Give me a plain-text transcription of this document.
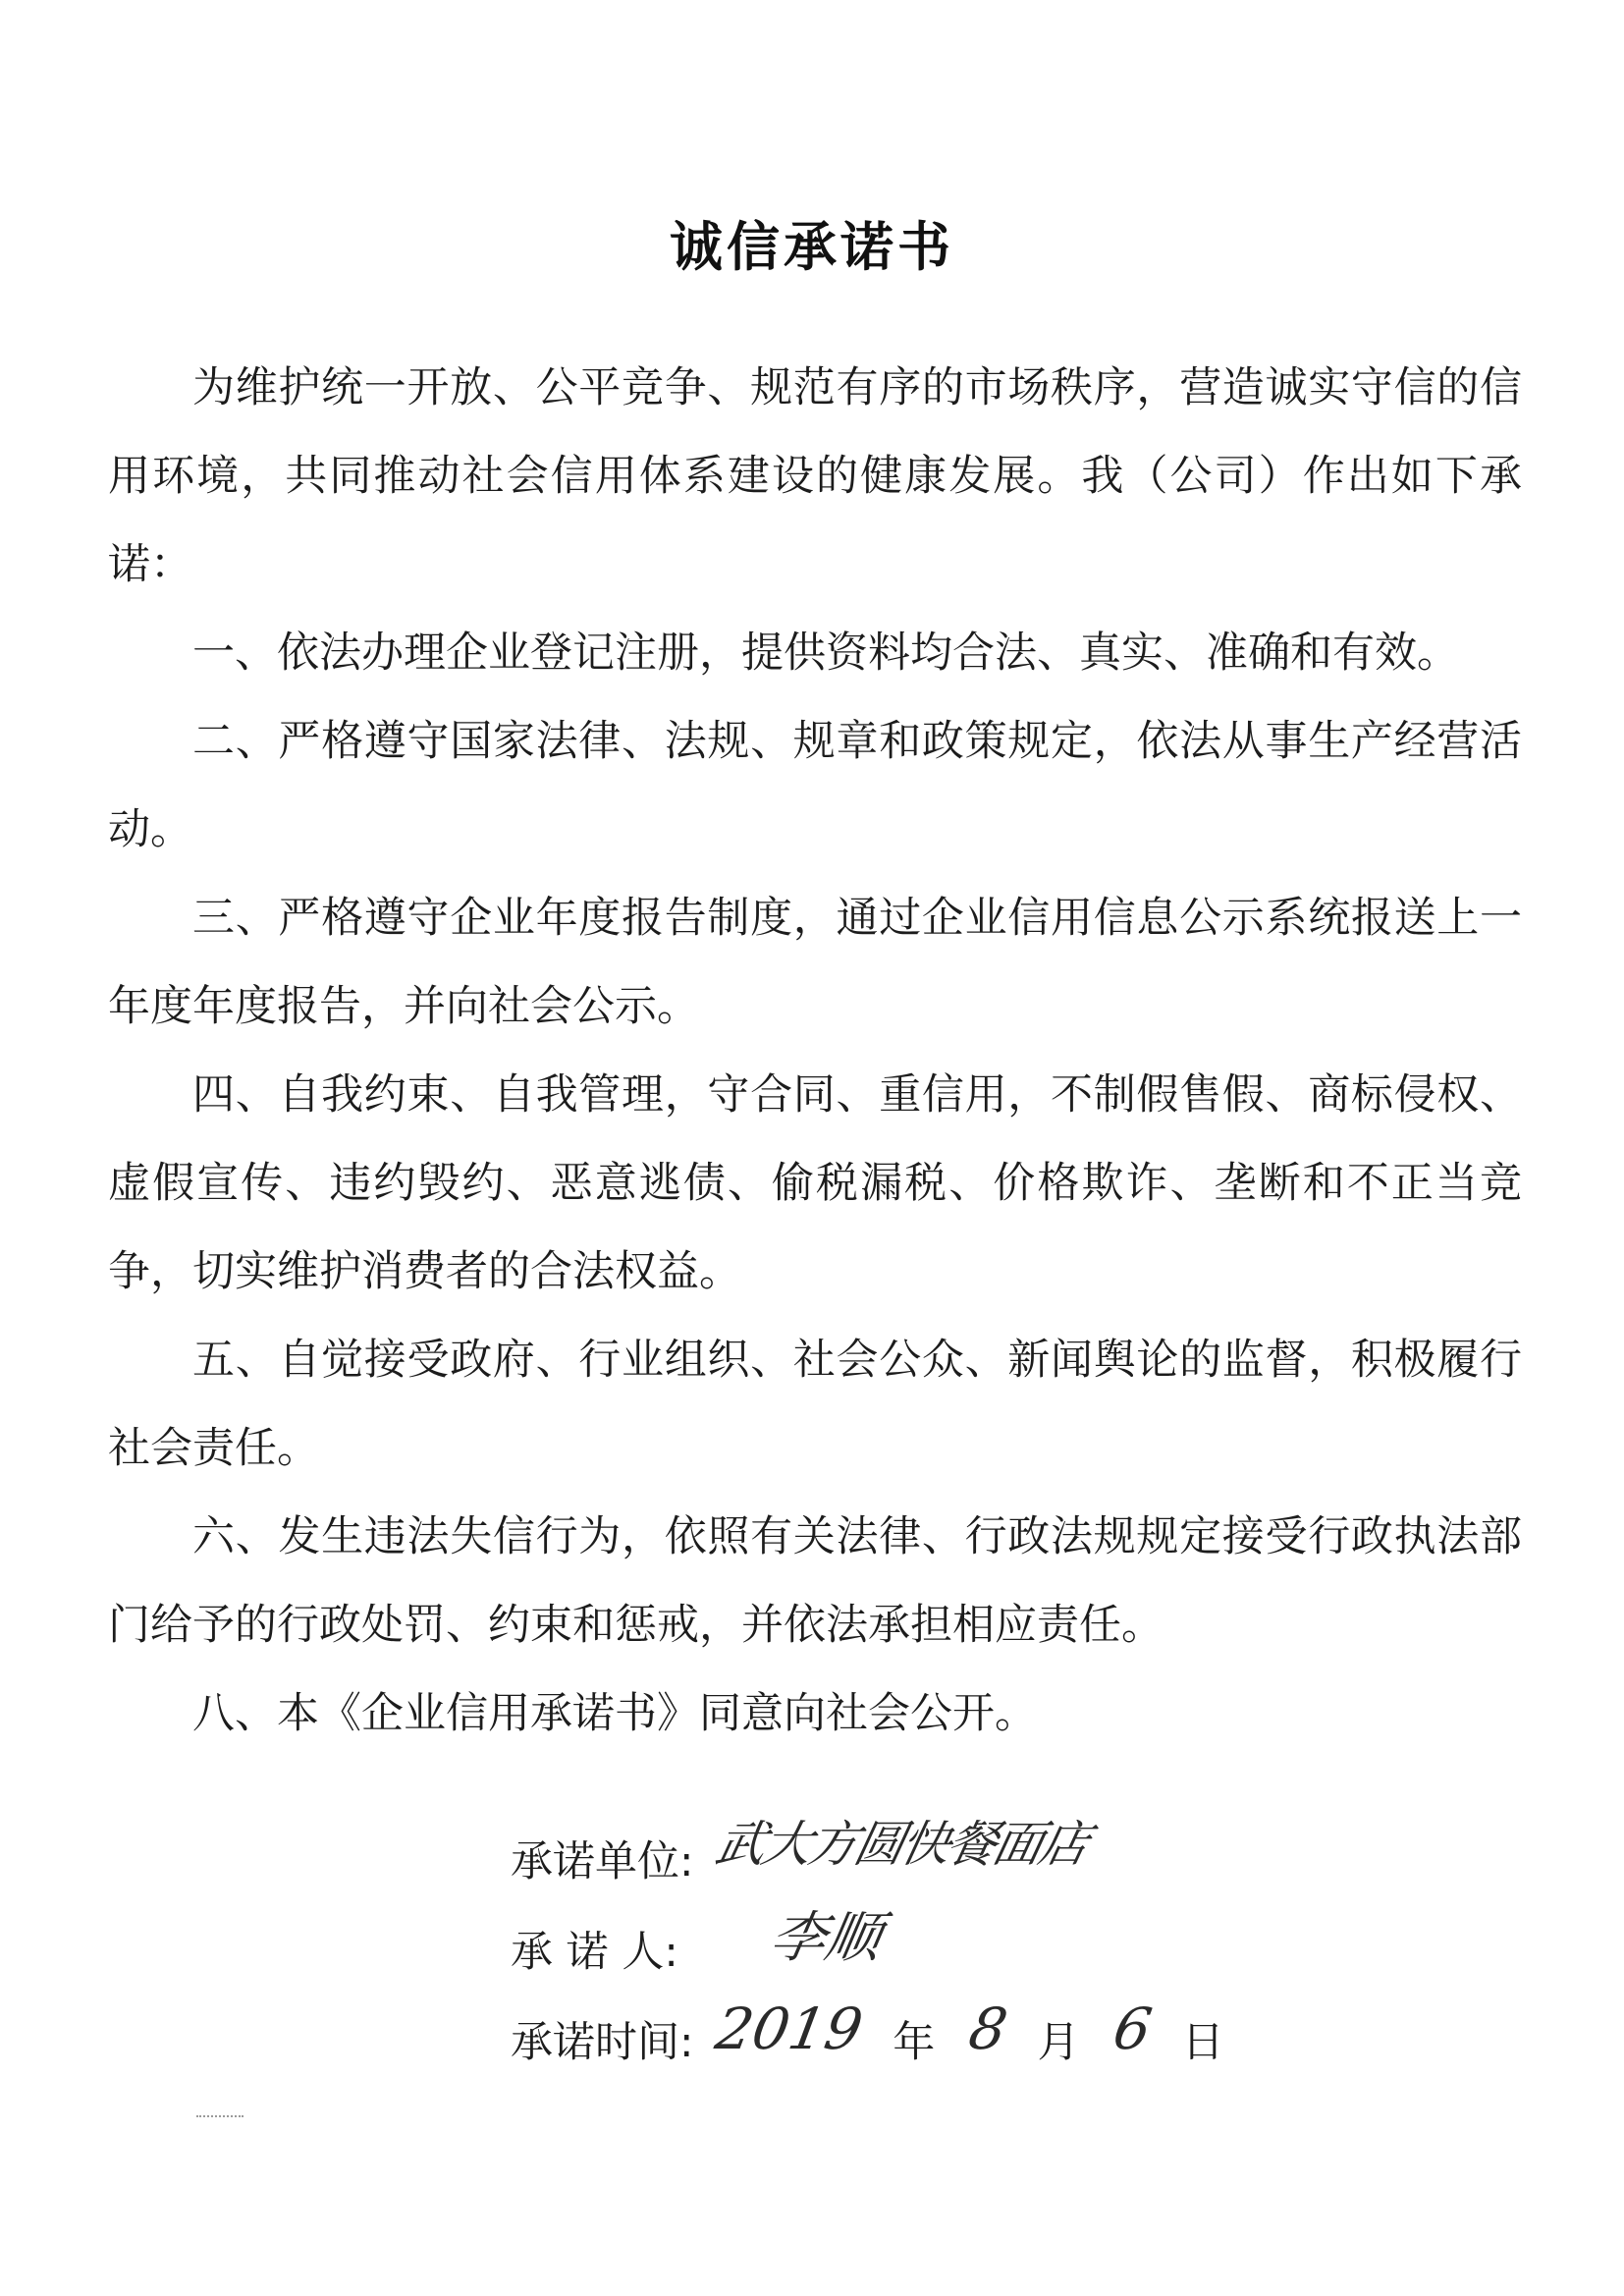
诚信承诺书

为维护统一开放、公平竞争、规范有序的市场秩序，营造诚实守信的信用环境，共同推动社会信用体系建设的健康发展。我（公司）作出如下承诺：

一、依法办理企业登记注册，提供资料均合法、真实、准确和有效。

二、严格遵守国家法律、法规、规章和政策规定，依法从事生产经营活动。

三、严格遵守企业年度报告制度，通过企业信用信息公示系统报送上一年度年度报告，并向社会公示。

四、自我约束、自我管理，守合同、重信用，不制假售假、商标侵权、虚假宣传、违约毁约、恶意逃债、偷税漏税、价格欺诈、垄断和不正当竞争，切实维护消费者的合法权益。

五、自觉接受政府、行业组织、社会公众、新闻舆论的监督，积极履行社会责任。

六、发生违法失信行为，依照有关法律、行政法规规定接受行政执法部门给予的行政处罚、约束和惩戒，并依法承担相应责任。

八、本《企业信用承诺书》同意向社会公开。

承诺单位: 武大方圆快餐面店
承 诺 人: 李顺
承诺时间: 2019 年 8 月 6 日
